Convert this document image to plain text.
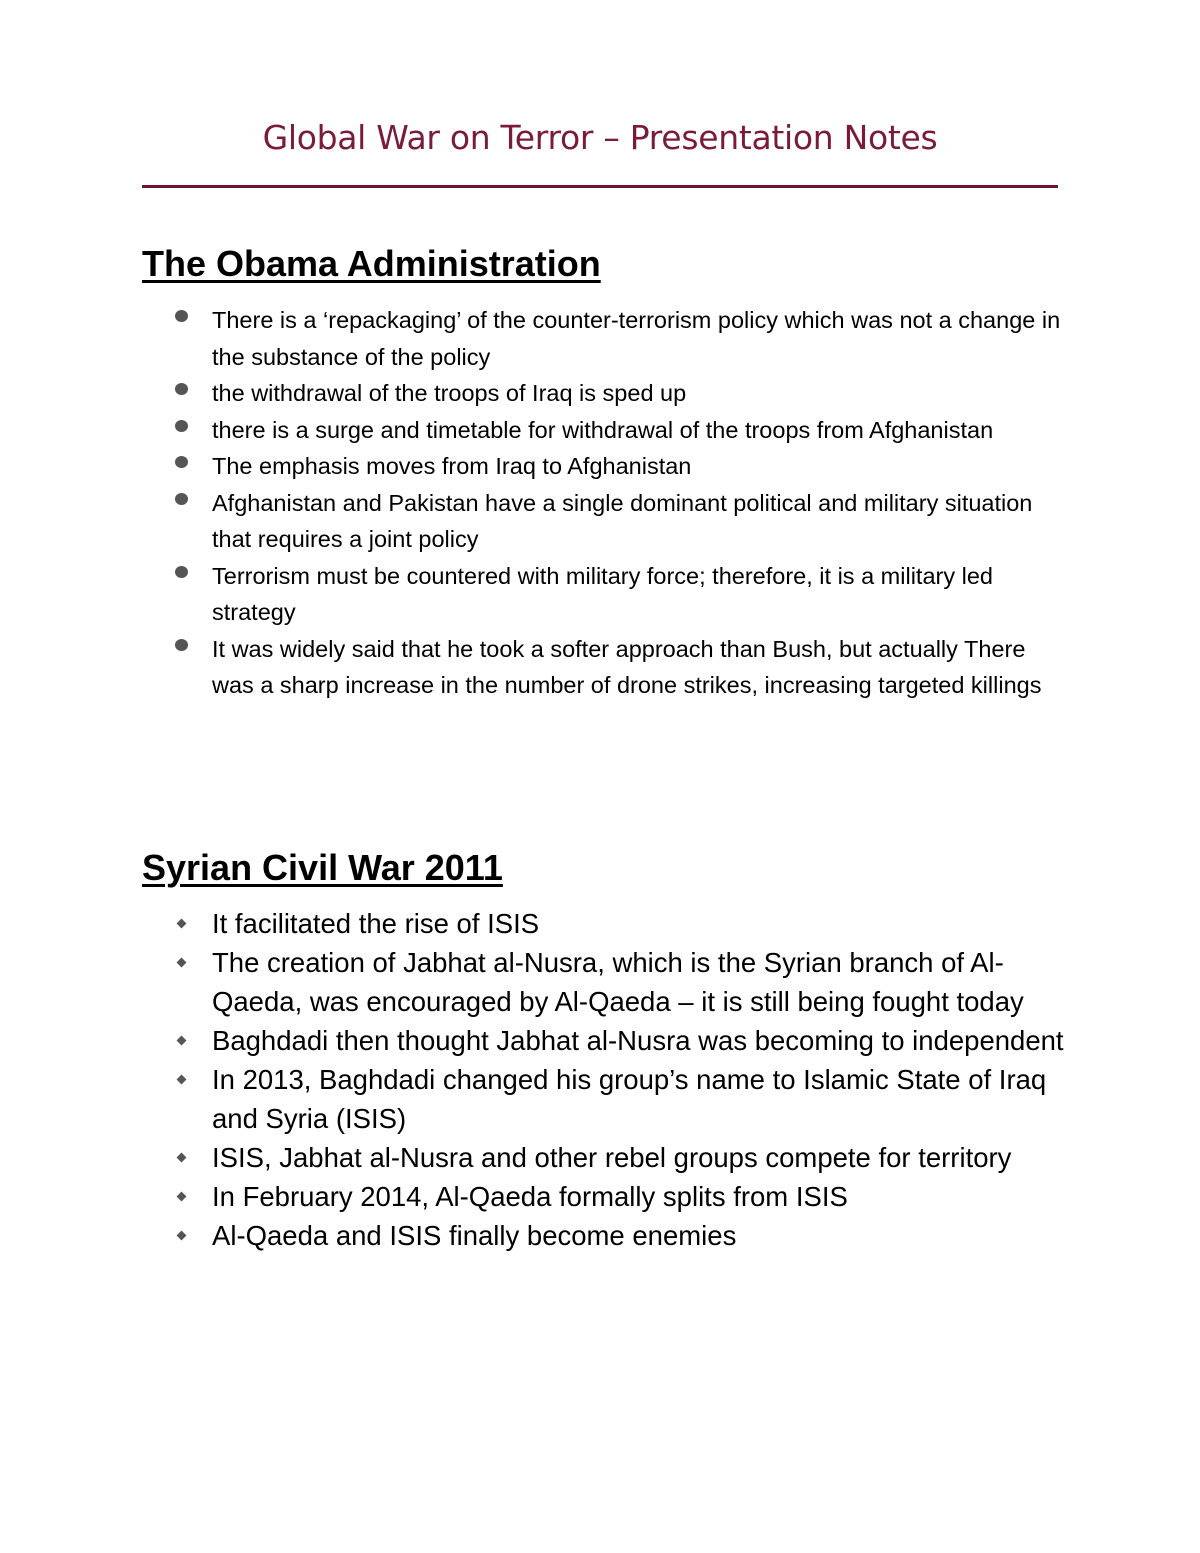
Global War on Terror – Presentation Notes
The Obama Administration
There is a ‘repackaging’ of the counter-terrorism policy which was not a change in the substance of the policy
the withdrawal of the troops of Iraq is sped up
there is a surge and timetable for withdrawal of the troops from Afghanistan
The emphasis moves from Iraq to Afghanistan
Afghanistan and Pakistan have a single dominant political and military situation that requires a joint policy
Terrorism must be countered with military force; therefore, it is a military led strategy
It was widely said that he took a softer approach than Bush, but actually There was a sharp increase in the number of drone strikes, increasing targeted killings
Syrian Civil War 2011
It facilitated the rise of ISIS
The creation of Jabhat al-Nusra, which is the Syrian branch of Al-Qaeda, was encouraged by Al-Qaeda – it is still being fought today
Baghdadi then thought Jabhat al-Nusra was becoming to independent
In 2013, Baghdadi changed his group’s name to Islamic State of Iraq and Syria (ISIS)
ISIS, Jabhat al-Nusra and other rebel groups compete for territory
In February 2014, Al-Qaeda formally splits from ISIS
Al-Qaeda and ISIS finally become enemies
